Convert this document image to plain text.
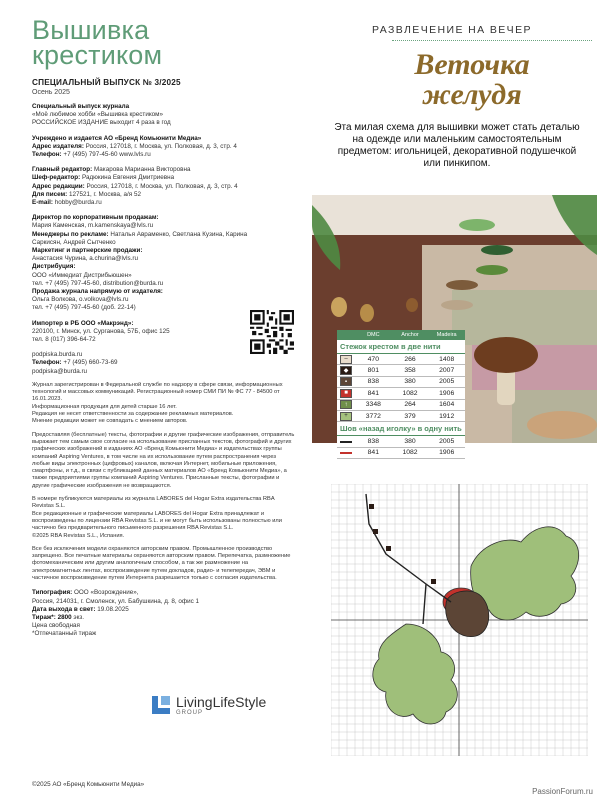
Вышивка
крестиком
СПЕЦИАЛЬНЫЙ ВЫПУСК № 3/2025
Осень 2025
Специальный выпуск журнала
«Моё любимое хобби «Вышивка крестиком»
РОССИЙСКОЕ ИЗДАНИЕ выходит 4 раза в год
Учреждено и издается АО «Бренд Комьюнити Медиа»
Адрес издателя: Россия, 127018, г. Москва, ул. Полковая, д. 3, стр. 4
Телефон: +7 (495) 797-45-60 www.lvls.ru
Главный редактор: Макарова Марианна Викторовна
Шеф-редактор: Радюкина Евгения Дмитриевна
Адрес редакции: Россия, 127018, г. Москва, ул. Полковая, д. 3, стр. 4
Для писем: 127521, г. Москва, а/я 52
E-mail: hobby@burda.ru
Директор по корпоративным продажам:
Мария Каменская, m.kamenskaya@lvls.ru
Менеджеры по рекламе: Наталья Авраменко, Светлана Кузина, Карина
Саркисян, Андрей Сытченко
Маркетинг и партнерские продажи:
Анастасия Чурина, a.churina@lvls.ru
Дистрибуция:
ООО «Иммедиат Дистрибьюшен»
тел. +7 (495) 797-45-60, distribution@burda.ru
Продажа журнала напрямую от издателя:
Ольга Волкова, o.volkova@lvls.ru
тел. +7 (495) 797-45-60 (доб. 22-14)
Импортер в РБ ООО «Макрэнд»:
220100, г. Минск, ул. Сурганова, 57Б, офис 125
тел. 8 (017) 396-64-72
podpiska.burda.ru
Телефон: +7 (495) 660-73-69
podpiska@burda.ru
Журнал зарегистрирован в Федеральной службе по надзору в сфере связи, информационных технологий и массовых коммуникаций. Регистрационный номер СМИ ПИ № ФС 77 - 84500 от 16.01.2023.
Информационная продукция для детей старше 16 лет.
Редакция не несет ответственности за содержание рекламных материалов.
Мнение редакции может не совпадать с мнением авторов.
Предоставляя (бесплатные) тексты, фотографии и другие графические изображения, отправитель выражает тем самым свое согласие на использование присланных текстов, фотографий и других графических изображений в изданиях АО «Бренд Комьюнити Медиа» и издательствах группы компаний Aspiring Ventures, в том числе на их использование путем распространения через любые виды электронных (цифровых) каналов, включая Интернет, мобильные приложения, смартфоны, и т.д., в связи с публикацией данных материалов АО «Бренд Комьюнити Медиа», а также предприятиями группы компаний Aspiring Ventures. Присланные тексты, фотографии и другие графические изображения не возвращаются.
В номере публикуются материалы из журнала LABORES del Hogar Extra издательства RBA Revistas S.L.
Все редакционные и графические материалы LABORES del Hogar Extra принадлежат и воспроизведены по лицензии RBA Revistas S.L. и не могут быть использованы полностью или частично без предварительного письменного разрешения RBA Revistas S.L.
©2025 RBA Revistas S.L., Испания.
Все без исключения модели охраняются авторским правом. Промышленное производство запрещено. Все печатные материалы охраняются авторским правом. Перепечатка, размножение фотомеханическим или другим аналогичным способом, а так же размножение на электромагнитных лентах, воспроизведение путем докладов, радио- и телепередач, ЭВМ и частичное воспроизведение путем Интернета разрешается только с согласия издательства.
Типография: ООО «Возрождение»,
Россия, 214031, г. Смоленск, ул. Бабушкина, д. 8, офис 1
Дата выхода в свет: 19.08.2025
Тираж*: 2800 экз.
Цена свободная
*Отпечатанный тираж
LivingLifeStyle
GROUP
©2025 АО «Бренд Комьюнити Медиа»
РАЗВЛЕЧЕНИЕ НА ВЕЧЕР
Веточка
желудя
Эта милая схема для вышивки может стать деталью на одежде или маленьким самостоятельным предметом: игольницей, декоративной подушечкой или пинкипом.
PassionForum.ru
DMC	Anchor	Madeira
Стежок крестом в две нити
–	470	266	1408
◆	801	358	2007
▪	838	380	2005
■	841	1082	1906
↑	3348	264	1604
+	3772	379	1912
Шов «назад иголку» в одну нить
838	380	2005
841	1082	1906
